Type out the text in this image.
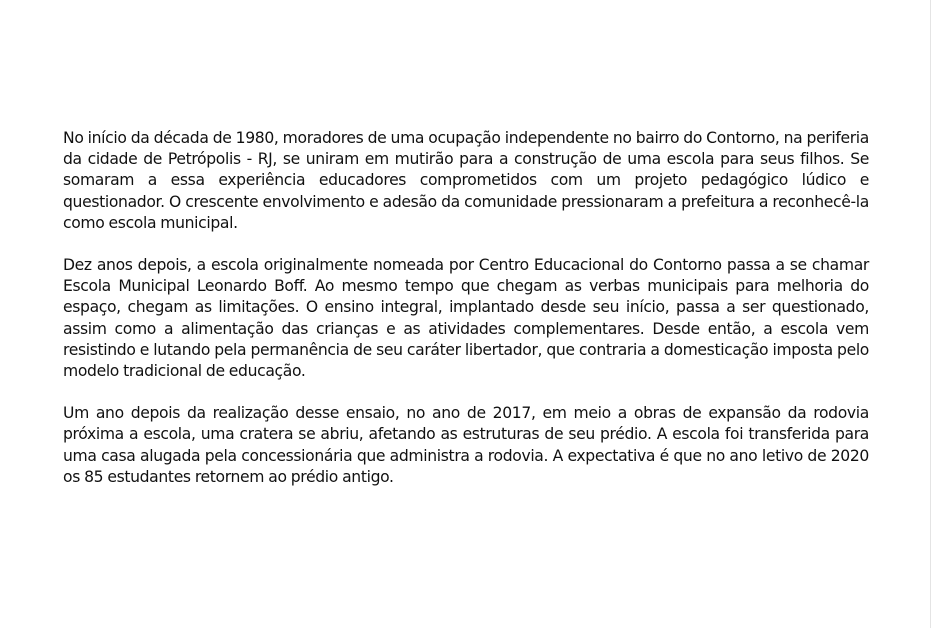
No início da década de 1980, moradores de uma ocupação independente no bairro do Contorno, na periferia da cidade de Petrópolis - RJ, se uniram em mutirão para a construção de uma escola para seus filhos. Se somaram a essa experiência educadores comprometidos com um projeto pedagógico lúdico e questionador. O crescente envolvimento e adesão da comunidade pressionaram a prefeitura a reconhecê-la como escola municipal.

Dez anos depois, a escola originalmente nomeada por Centro Educacional do Contorno passa a se chamar Escola Municipal Leonardo Boff. Ao mesmo tempo que chegam as verbas municipais para melhoria do espaço, chegam as limitações. O ensino integral, implantado desde seu início, passa a ser questionado, assim como a alimentação das crianças e as atividades complementares. Desde então, a escola vem resistindo e lutando pela permanência de seu caráter libertador, que contraria a domesticação imposta pelo modelo tradicional de educação.

Um ano depois da realização desse ensaio, no ano de 2017, em meio a obras de expansão da rodovia próxima a escola, uma cratera se abriu, afetando as estruturas de seu prédio. A escola foi transferida para uma casa alugada pela concessionária que administra a rodovia. A expectativa é que no ano letivo de 2020 os 85 estudantes retornem ao prédio antigo.
